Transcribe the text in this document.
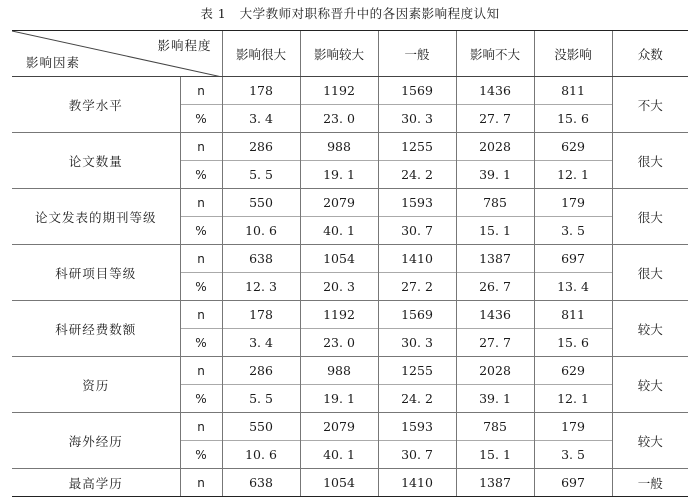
表 1 大学教师对职称晋升中的各因素影响程度认知
影响程度
影响因素		影响很大	影响较大	一般	影响不大	没影响	众数
教学水平	n	178	1192	1569	1436	811	不大
	%	3. 4	23. 0	30. 3	27. 7	15. 6	
论文数量	n	286	988	1255	2028	629	很大
	%	5. 5	19. 1	24. 2	39. 1	12. 1	
论文发表的期刊等级	n	550	2079	1593	785	179	很大
	%	10. 6	40. 1	30. 7	15. 1	3. 5	
科研项目等级	n	638	1054	1410	1387	697	很大
	%	12. 3	20. 3	27. 2	26. 7	13. 4	
科研经费数额	n	178	1192	1569	1436	811	较大
	%	3. 4	23. 0	30. 3	27. 7	15. 6	
资历	n	286	988	1255	2028	629	较大
	%	5. 5	19. 1	24. 2	39. 1	12. 1	
海外经历	n	550	2079	1593	785	179	较大
	%	10. 6	40. 1	30. 7	15. 1	3. 5	
最高学历	n	638	1054	1410	1387	697	一般
